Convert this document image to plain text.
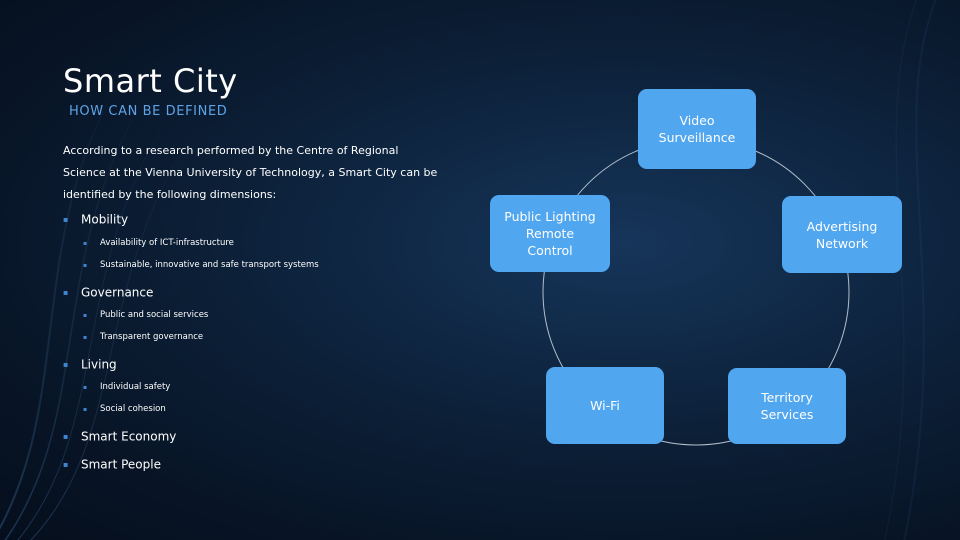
Smart City
HOW CAN BE DEFINED
According to a research performed by the Centre of Regional Science at the Vienna University of Technology, a Smart City can be identified by the following dimensions:
▪ Mobility
▪ Availability of ICT-infrastructure
▪ Sustainable, innovative and safe transport systems
▪ Governance
▪ Public and social services
▪ Transparent governance
▪ Living
▪ Individual safety
▪ Social cohesion
▪ Smart Economy
▪ Smart People
Video
Surveillance
Advertising
Network
Territory
Services
Wi-Fi
Public Lighting
Remote
Control
